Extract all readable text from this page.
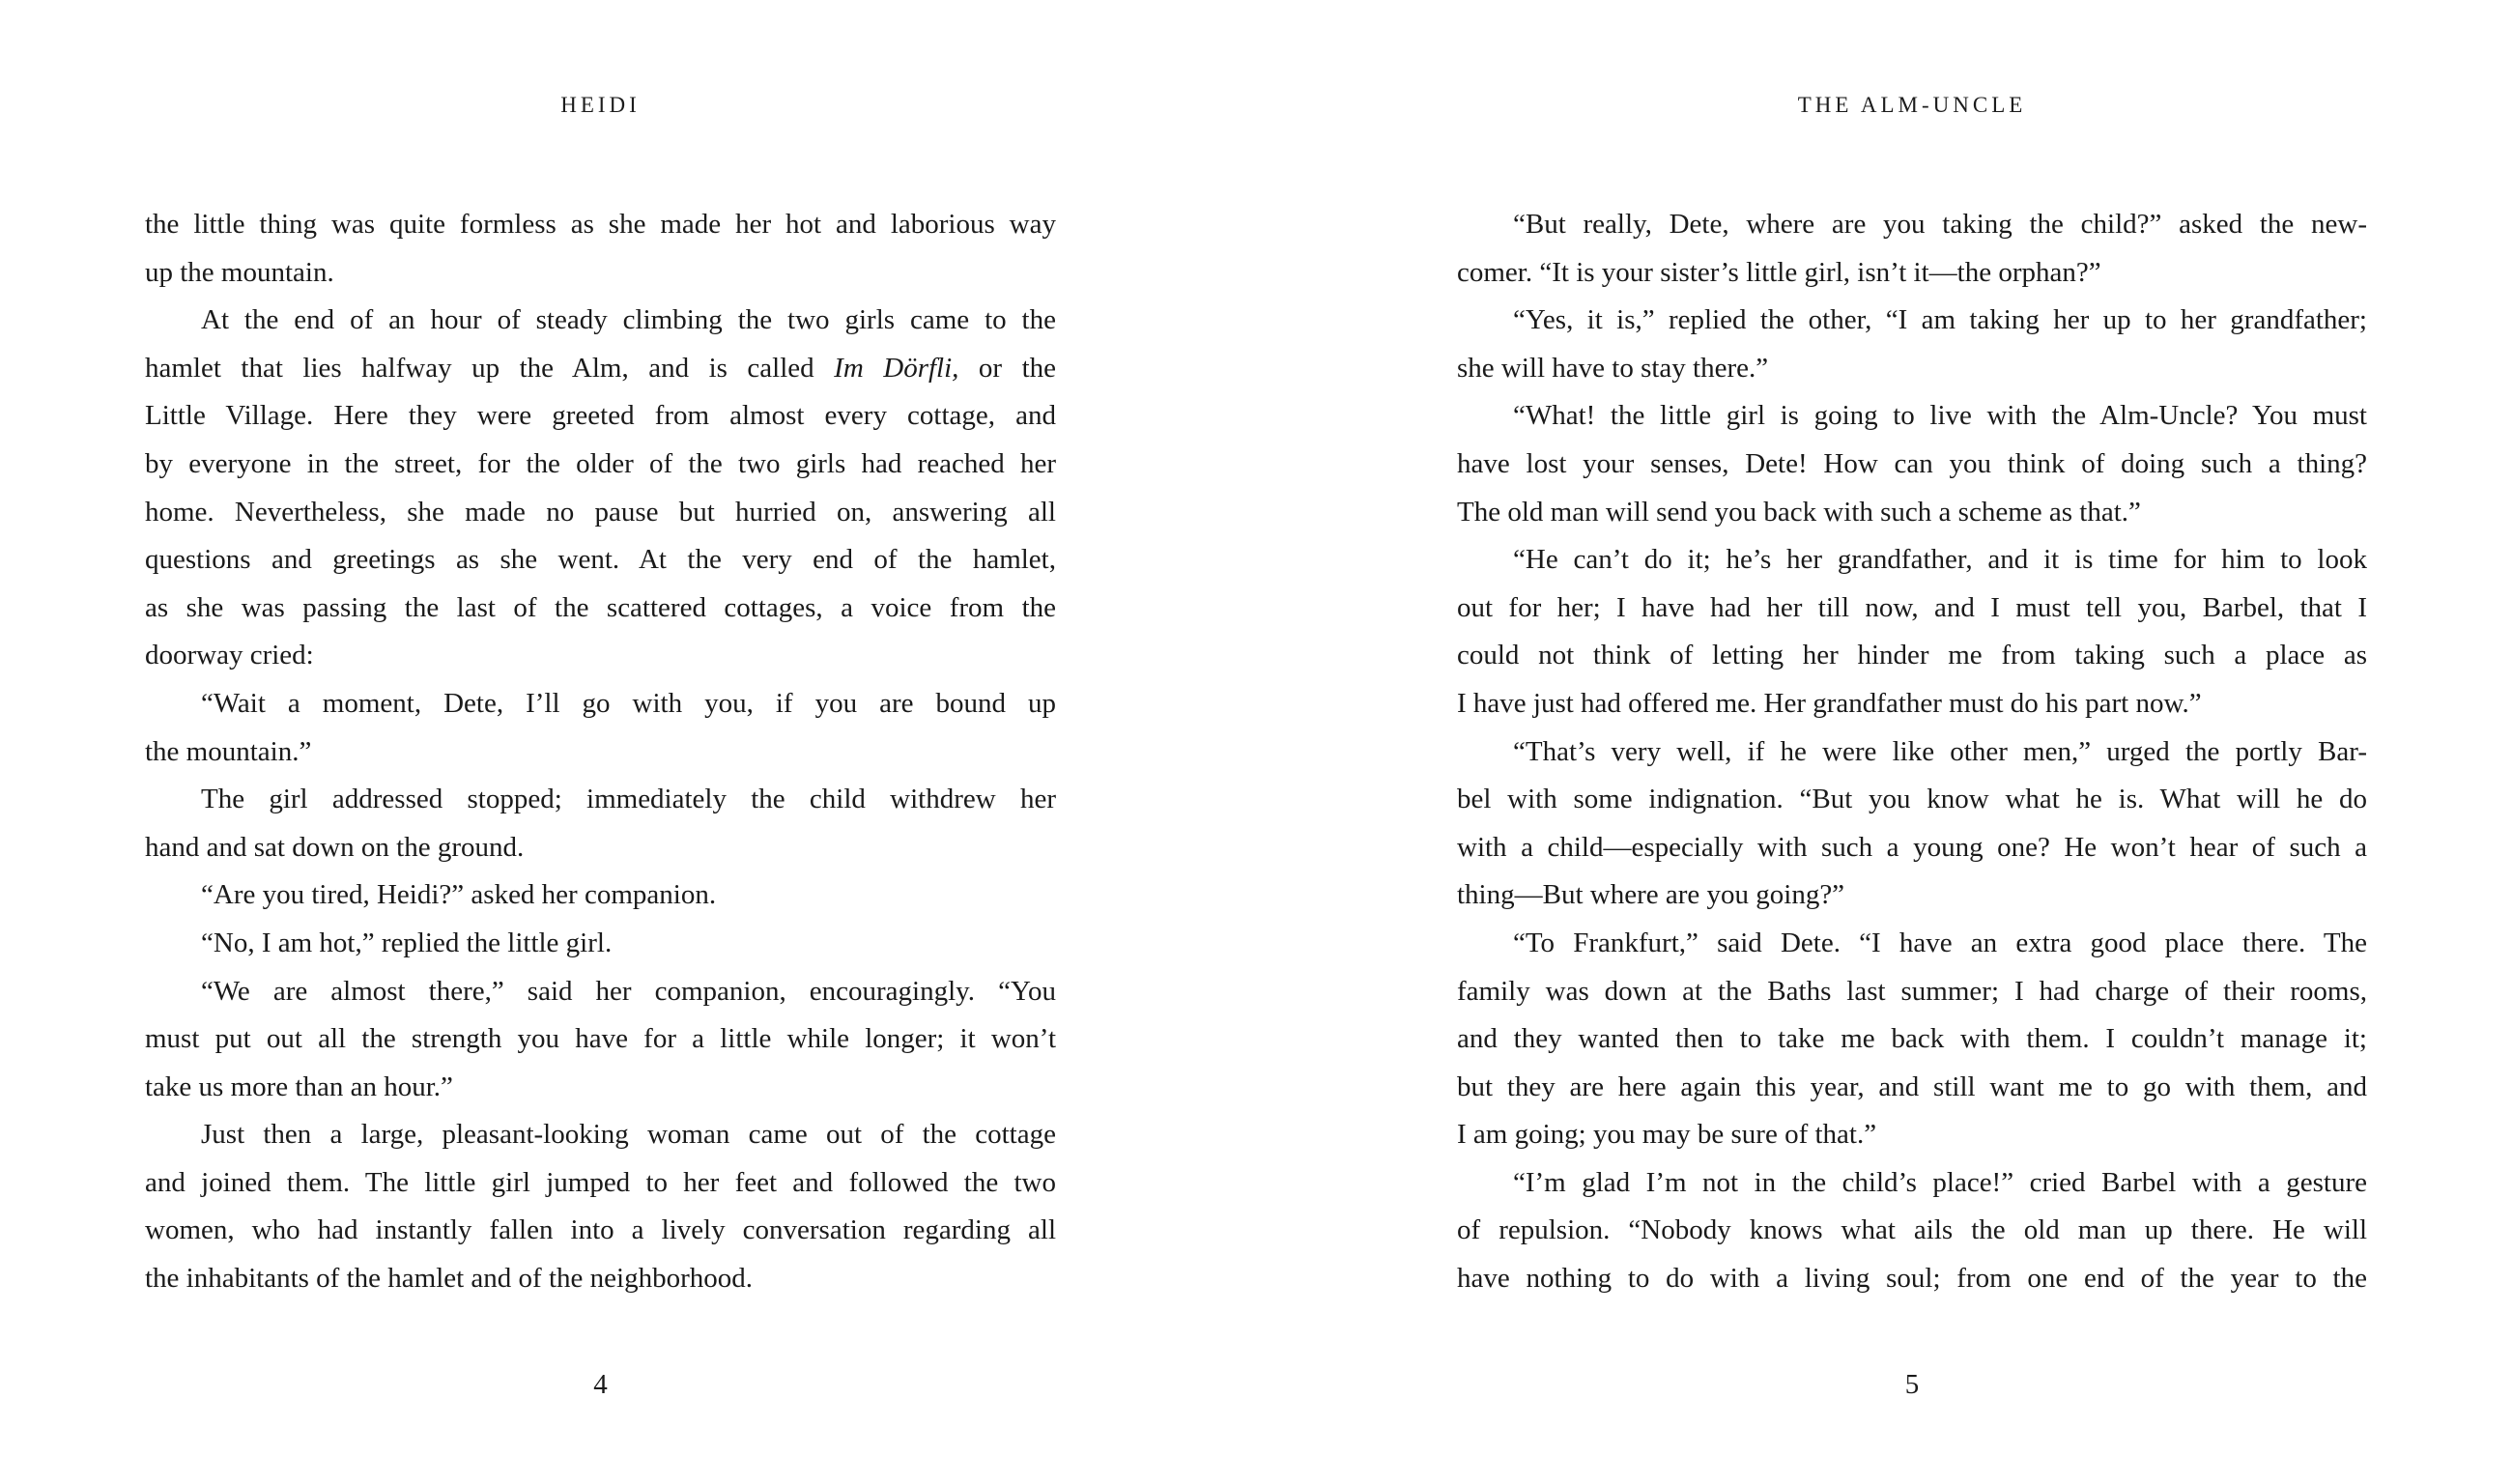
HEIDI

the little thing was quite formless as she made her hot and laborious way
up the mountain.

At the end of an hour of steady climbing the two girls came to the
hamlet that lies halfway up the Alm, and is called Im Dörfli, or the
Little Village. Here they were greeted from almost every cottage, and
by everyone in the street, for the older of the two girls had reached her
home. Nevertheless, she made no pause but hurried on, answering all
questions and greetings as she went. At the very end of the hamlet,
as she was passing the last of the scattered cottages, a voice from the
doorway cried:

“Wait a moment, Dete, I’ll go with you, if you are bound up
the mountain.”

The girl addressed stopped; immediately the child withdrew her
hand and sat down on the ground.

“Are you tired, Heidi?” asked her companion.

“No, I am hot,” replied the little girl.

“We are almost there,” said her companion, encouragingly. “You
must put out all the strength you have for a little while longer; it won’t
take us more than an hour.”

Just then a large, pleasant-looking woman came out of the cottage
and joined them. The little girl jumped to her feet and followed the two
women, who had instantly fallen into a lively conversation regarding all
the inhabitants of the hamlet and of the neighborhood.

4
THE ALM-UNCLE

“But really, Dete, where are you taking the child?” asked the new-
comer. “It is your sister’s little girl, isn’t it—the orphan?”

“Yes, it is,” replied the other, “I am taking her up to her grandfather;
she will have to stay there.”

“What! the little girl is going to live with the Alm-Uncle? You must
have lost your senses, Dete! How can you think of doing such a thing?
The old man will send you back with such a scheme as that.”

“He can’t do it; he’s her grandfather, and it is time for him to look
out for her; I have had her till now, and I must tell you, Barbel, that I
could not think of letting her hinder me from taking such a place as
I have just had offered me. Her grandfather must do his part now.”

“That’s very well, if he were like other men,” urged the portly Bar-
bel with some indignation. “But you know what he is. What will he do
with a child—especially with such a young one? He won’t hear of such a
thing—But where are you going?”

“To Frankfurt,” said Dete. “I have an extra good place there. The
family was down at the Baths last summer; I had charge of their rooms,
and they wanted then to take me back with them. I couldn’t manage it;
but they are here again this year, and still want me to go with them, and
I am going; you may be sure of that.”

“I’m glad I’m not in the child’s place!” cried Barbel with a gesture
of repulsion. “Nobody knows what ails the old man up there. He will
have nothing to do with a living soul; from one end of the year to the

5
